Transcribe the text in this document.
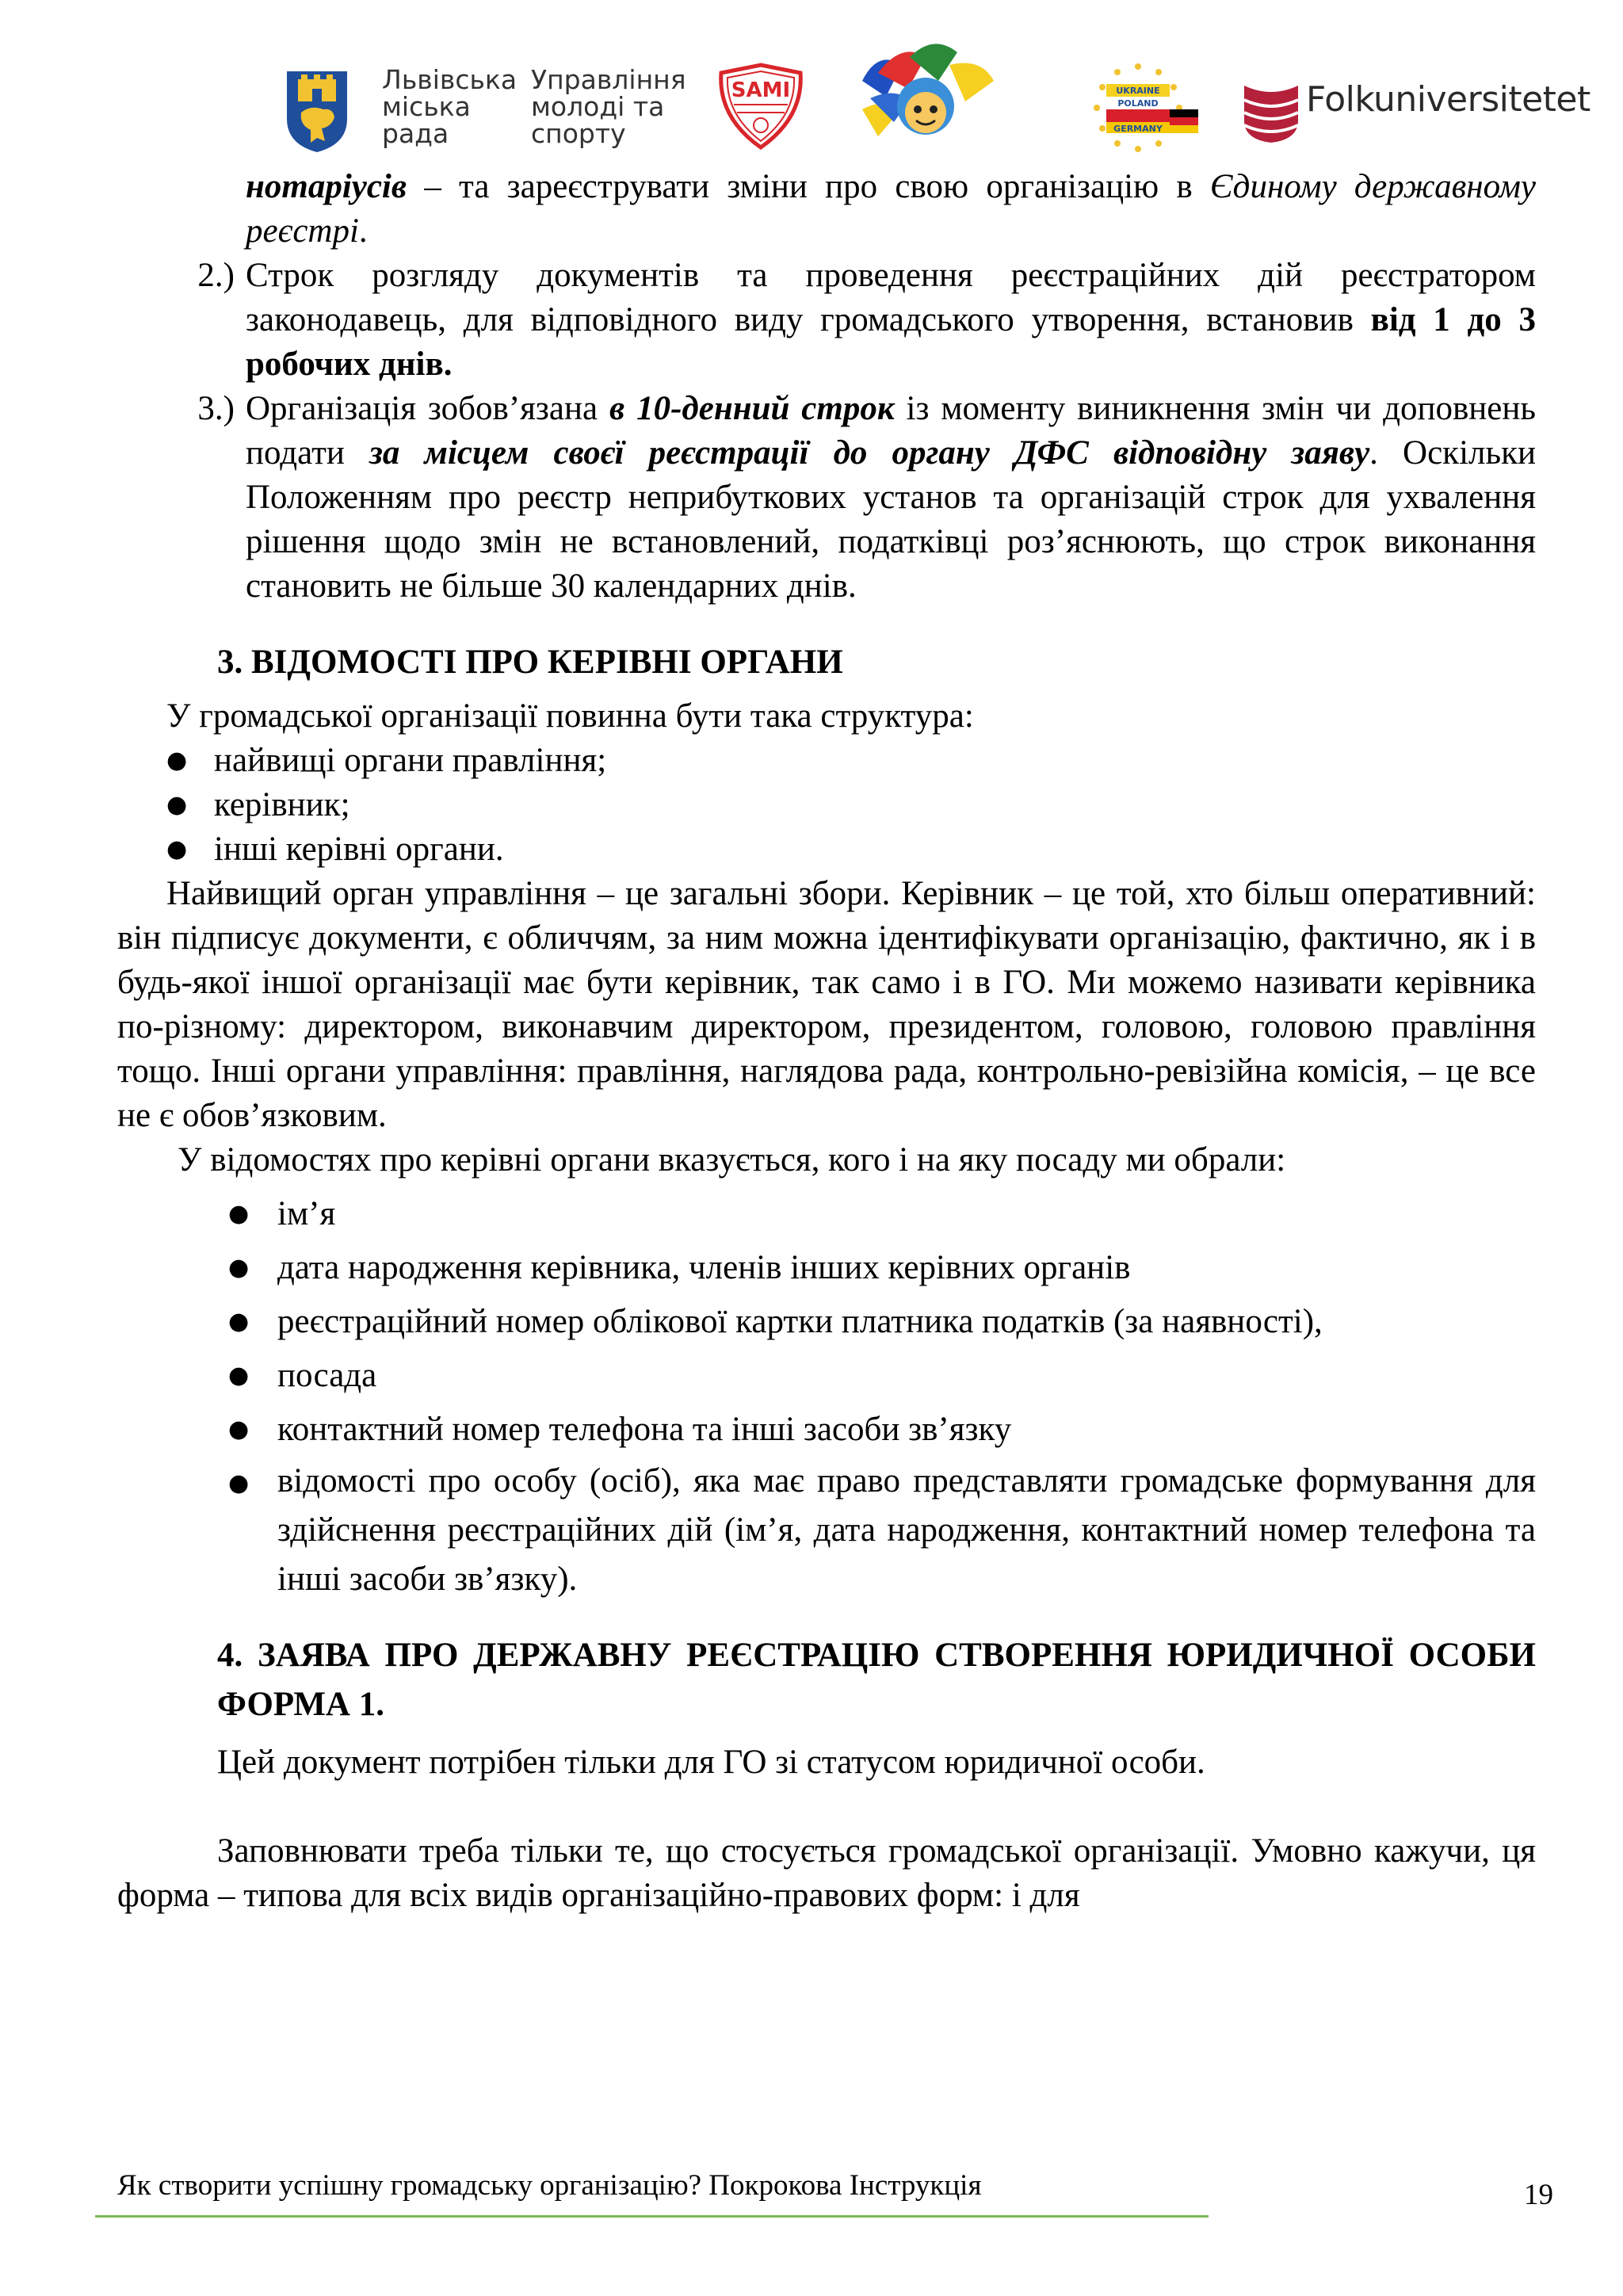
Львівська
міська
рада
Управління
молоді та
спорту
SAMI	UKRAINE
POLAND
GERMANY
Folkuniversitetet
нотаріусів – та зареєструвати зміни про свою організацію в Єдиному державному реєстрі.
2.) Строк розгляду документів та проведення реєстраційних дій реєстратором законодавець, для відповідного виду громадського утворення, встановив від 1 до 3 робочих днів.
3.) Організація зобов’язана в 10-денний строк із моменту виникнення змін чи доповнень подати за місцем своєї реєстрації до органу ДФС відповідну заяву. Оскільки Положенням про реєстр неприбуткових установ та організацій строк для ухвалення рішення щодо змін не встановлений, податківці роз’яснюють, що строк виконання становить не більше 30 календарних днів.
3. ВІДОМОСТІ ПРО КЕРІВНІ ОРГАНИ
У громадської організації повинна бути така структура:
● найвищі органи правління;
● керівник;
● інші керівні органи.
Найвищий орган управління – це загальні збори. Керівник – це той, хто більш оперативний: він підписує документи, є обличчям, за ним можна ідентифікувати організацію, фактично, як і в будь-якої іншої організації має бути керівник, так само і в ГО. Ми можемо називати керівника по-різному: директором, виконавчим директором, президентом, головою, головою правління тощо. Інші органи управління: правління, наглядова рада, контрольно-ревізійна комісія, – це все не є обов’язковим.
У відомостях про керівні органи вказується, кого і на яку посаду ми обрали:
● ім’я
● дата народження керівника, членів інших керівних органів
● реєстраційний номер облікової картки платника податків (за наявності),
● посада
● контактний номер телефона та інші засоби зв’язку
● відомості про особу (осіб), яка має право представляти громадське формування для здійснення реєстраційних дій (ім’я, дата народження, контактний номер телефона та інші засоби зв’язку).
4. ЗАЯВА ПРО ДЕРЖАВНУ РЕЄСТРАЦІЮ СТВОРЕННЯ ЮРИДИЧНОЇ ОСОБИ ФОРМА 1.
Цей документ потрібен тільки для ГО зі статусом юридичної особи.
Заповнювати треба тільки те, що стосується громадської організації. Умовно кажучи, ця форма – типова для всіх видів організаційно-правових форм: і для
Як створити успішну громадську організацію? Покрокова Інструкція	19
